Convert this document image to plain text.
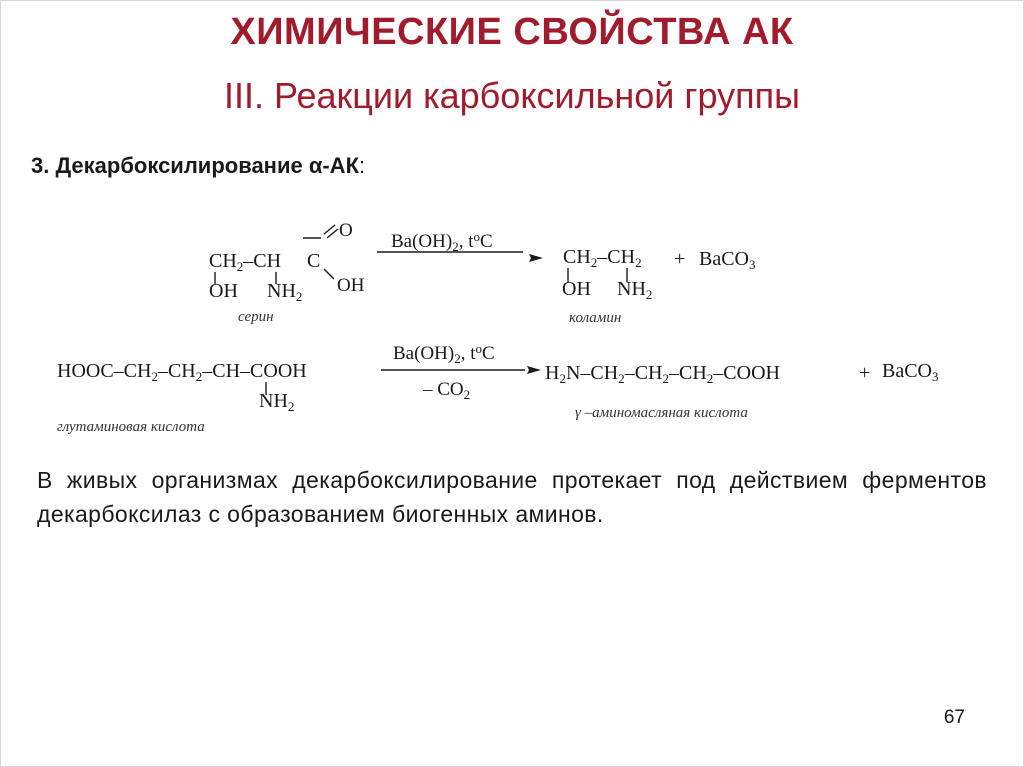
ХИМИЧЕСКИЕ СВОЙСТВА АК
III. Реакции карбоксильной группы
3. Декарбоксилирование α-АК:
$CH_2-CH$
O
C
OH
OH $NH_2$
серин
$Ba(OH)_2$, $t^oC$
$CH_2-CH_2$
OH $NH_2$
+ BaCO$_3$
коламин
HOOC–$CH_2-CH_2-CH$–COOH
$NH_2$
глутаминовая кислота
$Ba(OH)_2$, $t^oC$
– $CO_2$
$H_2N-CH_2-CH_2-CH_2$–COOH	+ BaCO$_3$
γ –аминомасляная кислота
В живых организмах декарбоксилирование протекает под действием ферментов декарбоксилаз с образованием биогенных аминов.
67
